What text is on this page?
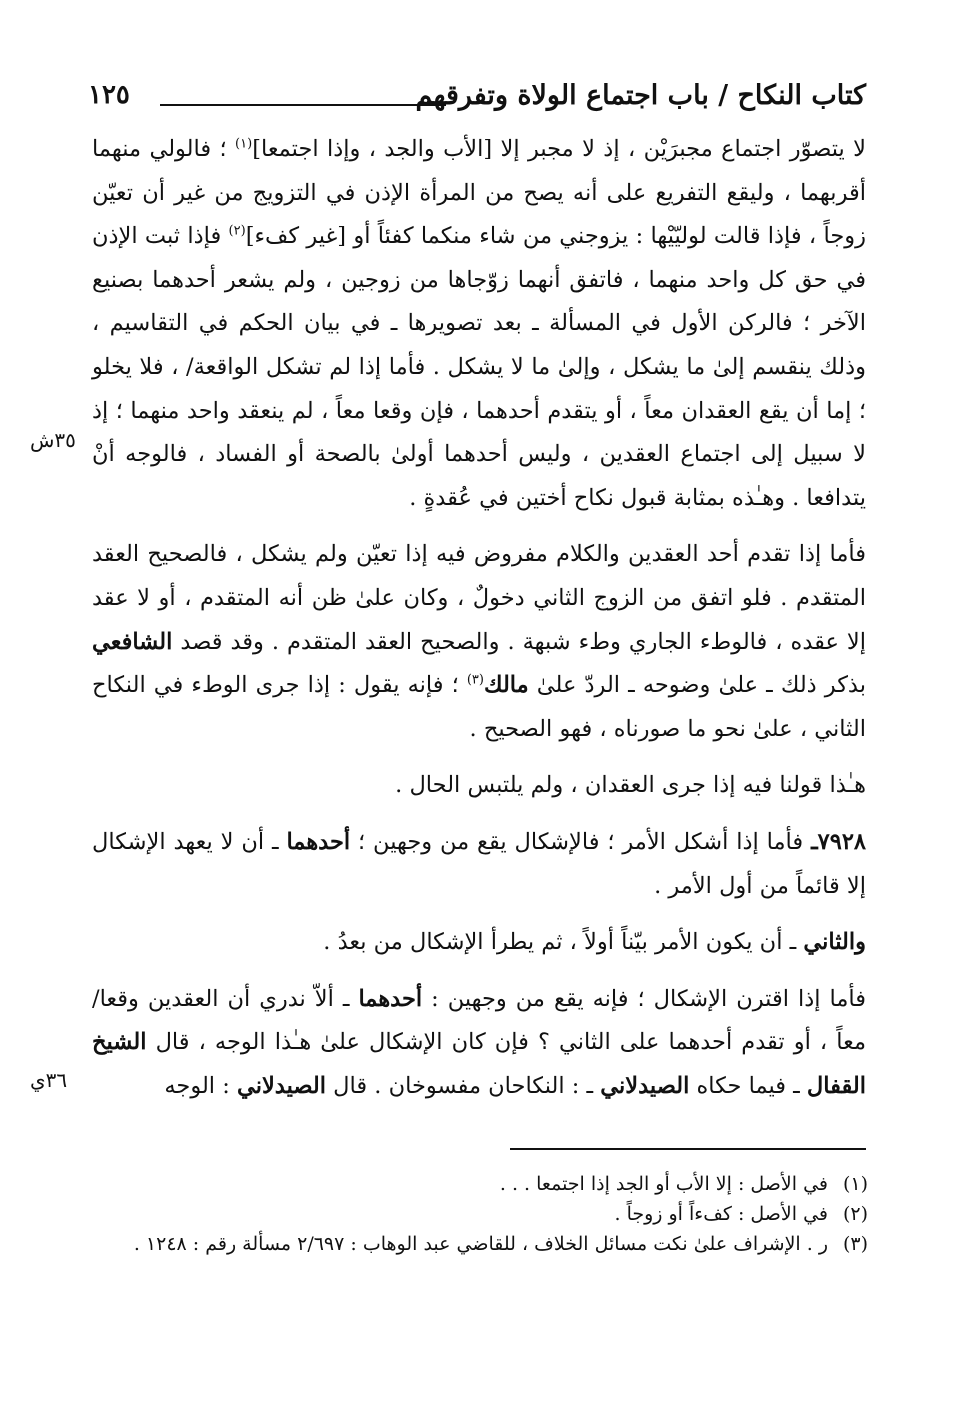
كتاب النكاح / باب اجتماع الولاة وتفرقهم
١٢٥

لا يتصوّر اجتماع مجبرَيْن ، إذ لا مجبر إلا [الأب والجد ، وإذا اجتمعا]$^{(١)}$ ؛ فالولي منهما أقربهما ، وليقع التفريع على أنه يصح من المرأة الإذن في التزويج من غير أن تعيّن زوجاً ، فإذا قالت لوليّيْها : يزوجني من شاء منكما كفئاً أو [غير كفء]$^{(٢)}$ فإذا ثبت الإذن في حق كل واحد منهما ، فاتفق أنهما زوّجاها من زوجين ، ولم يشعر أحدهما بصنيع الآخر ؛ فالركن الأول في المسألة ـ بعد تصويرها ـ في بيان الحكم في التقاسيم ، وذلك ينقسم إلىٰ ما يشكل ، وإلىٰ ما لا يشكل . فأما إذا لم تشكل الواقعة/ ، فلا يخلو ؛ إما أن يقع العقدان معاً ، أو يتقدم أحدهما ، فإن وقعا معاً ، لم ينعقد واحد منهما ؛ إذ لا سبيل إلى اجتماع العقدين ، وليس أحدهما أولىٰ بالصحة أو الفساد ، فالوجه أنْ يتدافعا . وهـٰذه بمثابة قبول نكاح أختين في عُقدةٍ .

فأما إذا تقدم أحد العقدين والكلام مفروض فيه إذا تعيّن ولم يشكل ، فالصحيح العقد المتقدم . فلو اتفق من الزوج الثاني دخولٌ ، وكان علىٰ ظن أنه المتقدم ، أو لا عقد إلا عقده ، فالوطء الجاري وطء شبهة . والصحيح العقد المتقدم . وقد قصد الشافعي بذكر ذلك ـ علىٰ وضوحه ـ الردّ علىٰ مالك$^{(٣)}$ ؛ فإنه يقول : إذا جرى الوطء في النكاح الثاني ، علىٰ نحو ما صورناه ، فهو الصحيح .

هـٰذا قولنا فيه إذا جرى العقدان ، ولم يلتبس الحال .

٧٩٢٨ـ فأما إذا أشكل الأمر ؛ فالإشكال يقع من وجهين ؛ أحدهما ـ أن لا يعهد الإشكال إلا قائماً من أول الأمر .

والثاني ـ أن يكون الأمر بيّناً أولاً ، ثم يطرأ الإشكال من بعدُ .

فأما إذا اقترن الإشكال ؛ فإنه يقع من وجهين : أحدهما ـ ألاّ ندري أن العقدين وقعا/ معاً ، أو تقدم أحدهما على الثاني ؟ فإن كان الإشكال علىٰ هـٰذا الوجه ، قال الشيخ القفال ـ فيما حكاه الصيدلاني ـ : النكاحان مفسوخان . قال الصيدلاني : الوجه

٣٥ش
٣٦ي
(١)
في الأصل : إلا الأب أو الجد إذا اجتمعا . . .
(٢)
في الأصل : كفءاً أو زوجاً .
(٣)
ر . الإشراف علىٰ نكت مسائل الخلاف ، للقاضي عبد الوهاب : ٢/٦٩٧ مسألة رقم : ١٢٤٨ .
